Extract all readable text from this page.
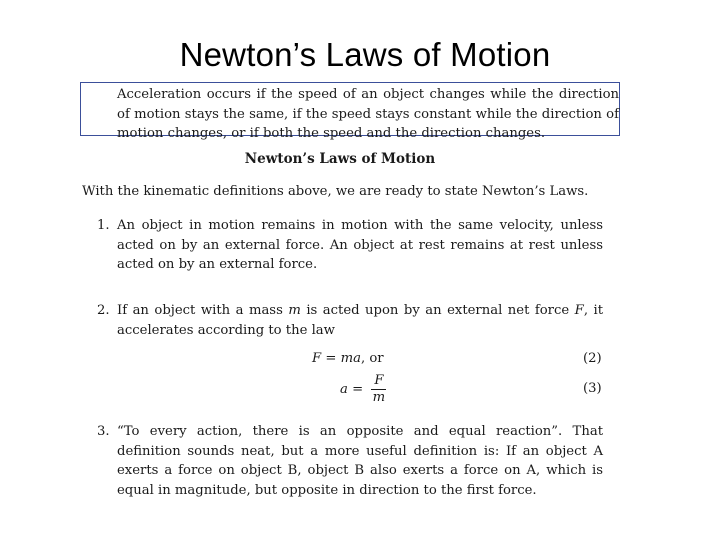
Newton’s Laws of Motion
Acceleration occurs if the speed of an object changes while the direction of motion stays the same, if the speed stays constant while the direction of motion changes, or if both the speed and the direction changes.
Newton’s Laws of Motion
With the kinematic definitions above, we are ready to state Newton’s Laws.
1. An object in motion remains in motion with the same velocity, unless acted on by an external force. An object at rest remains at rest unless acted on by an external force.
2. If an object with a mass m is acted upon by an external net force F, it accelerates according to the law
F = ma, or	(2)
$a = \frac{F}{m}$	(3)
3. “To every action, there is an opposite and equal reaction”. That definition sounds neat, but a more useful definition is: If an object A exerts a force on object B, object B also exerts a force on A, which is equal in magnitude, but opposite in direction to the first force.
